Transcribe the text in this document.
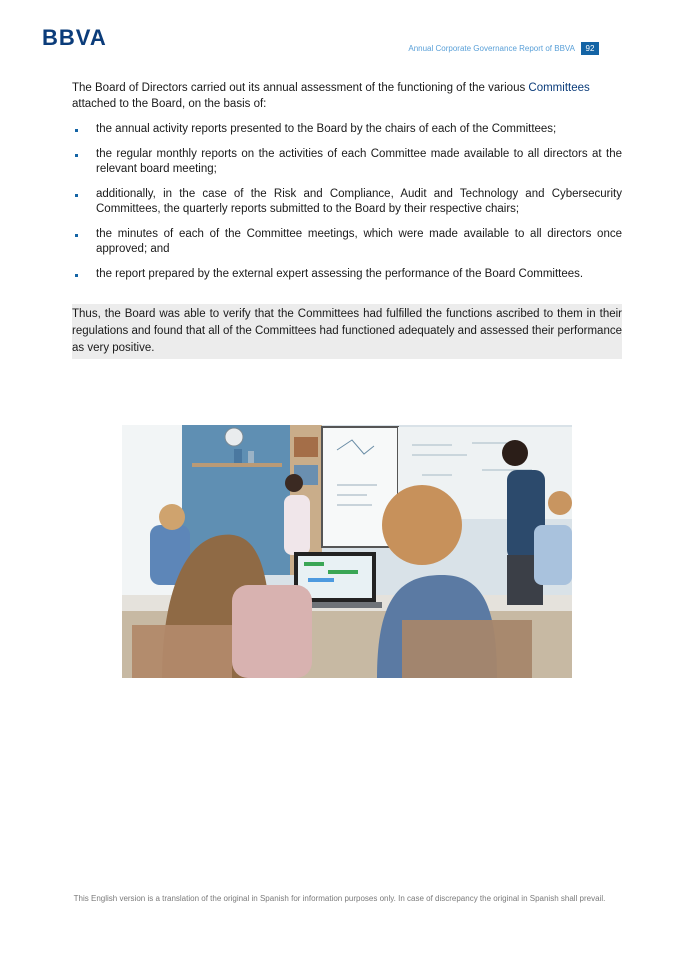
BBVA	Annual Corporate Governance Report of BBVA	92

The Board of Directors carried out its annual assessment of the functioning of the various Committees attached to the Board, on the basis of:

the annual activity reports presented to the Board by the chairs of each of the Committees;
the regular monthly reports on the activities of each Committee made available to all directors at the relevant board meeting;
additionally, in the case of the Risk and Compliance, Audit and Technology and Cybersecurity Committees, the quarterly reports submitted to the Board by their respective chairs;
the minutes of each of the Committee meetings, which were made available to all directors once approved; and
the report prepared by the external expert assessing the performance of the Board Committees.

Thus, the Board was able to verify that the Committees had fulfilled the functions ascribed to them in their regulations and found that all of the Committees had functioned adequately and assessed their performance as very positive.

This English version is a translation of the original in Spanish for information purposes only. In case of discrepancy the original in Spanish shall prevail.
